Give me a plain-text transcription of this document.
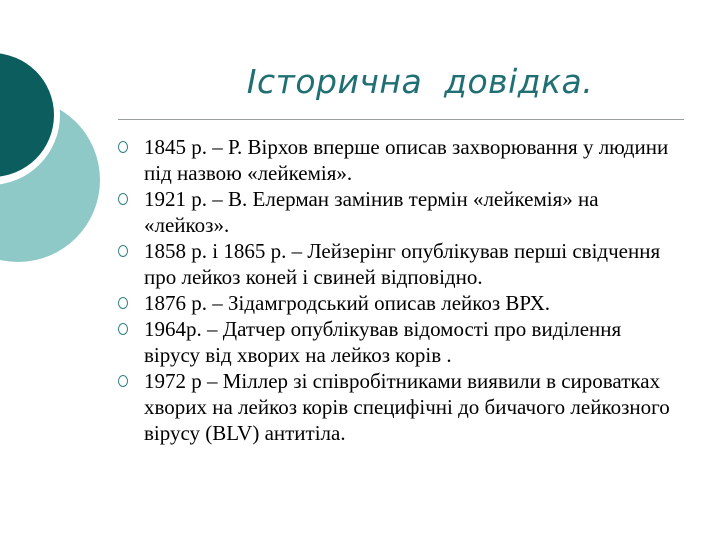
Історична  довідка.
1845 р. – Р. Вірхов вперше описав захворювання у людини під назвою «лейкемія».
1921 р. – В. Елерман замінив термін «лейкемія» на «лейкоз».
1858 р. і 1865 р. – Лейзерінг опублікував перші свідчення про лейкоз коней і свиней відповідно.
1876 р. – Зідамгродський описав лейкоз ВРХ.
1964р. – Датчер опублікував відомості про виділення вірусу від хворих на лейкоз корів .
1972 р – Міллер зі співробітниками виявили в сироватках хворих на лейкоз корів специфічні до бичачого лейкозного вірусу (BLV) антитіла.
